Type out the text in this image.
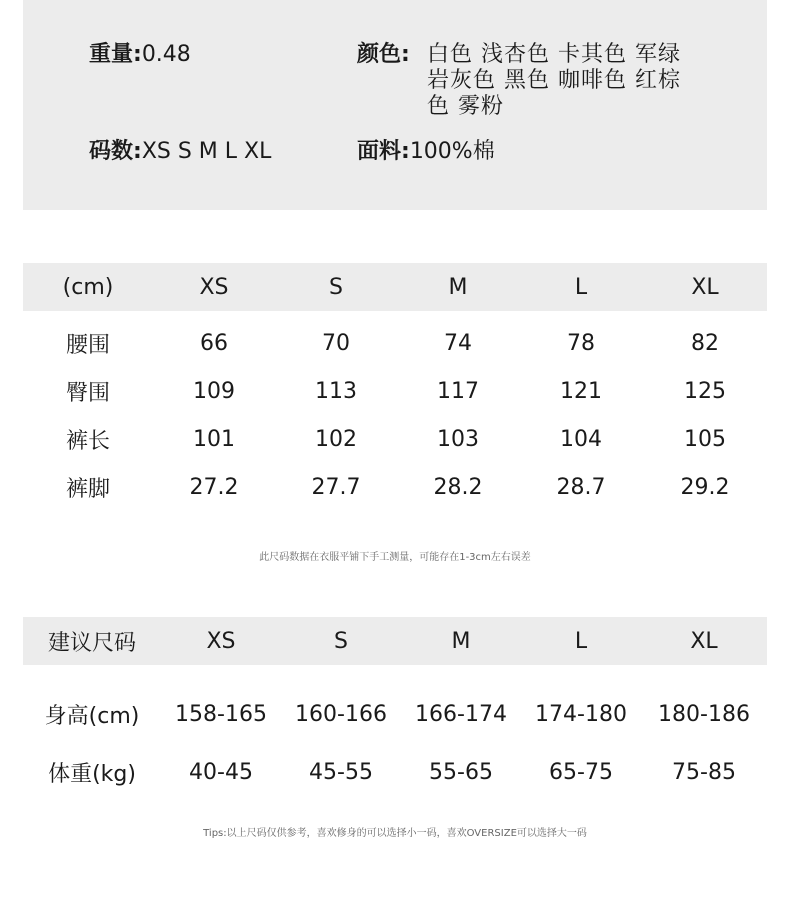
重量:0.48
码数:XS S M L XL
颜色: 白色 浅杏色 卡其色 军绿
岩灰色 黑色 咖啡色 红棕
色 雾粉
面料:100%棉
(cm)	XS	S	M	L	XL
腰围	66	70	74	78	82
臀围	109	113	117	121	125
裤长	101	102	103	104	105
裤脚	27.2	27.7	28.2	28.7	29.2
此尺码数据在衣服平铺下手工测量，可能存在1-3cm左右误差
建议尺码	XS	S	M	L	XL
身高(cm)	158-165	160-166	166-174	174-180	180-186
体重(kg)	40-45	45-55	55-65	65-75	75-85
Tips:以上尺码仅供参考，喜欢修身的可以选择小一码，喜欢OVERSIZE可以选择大一码
